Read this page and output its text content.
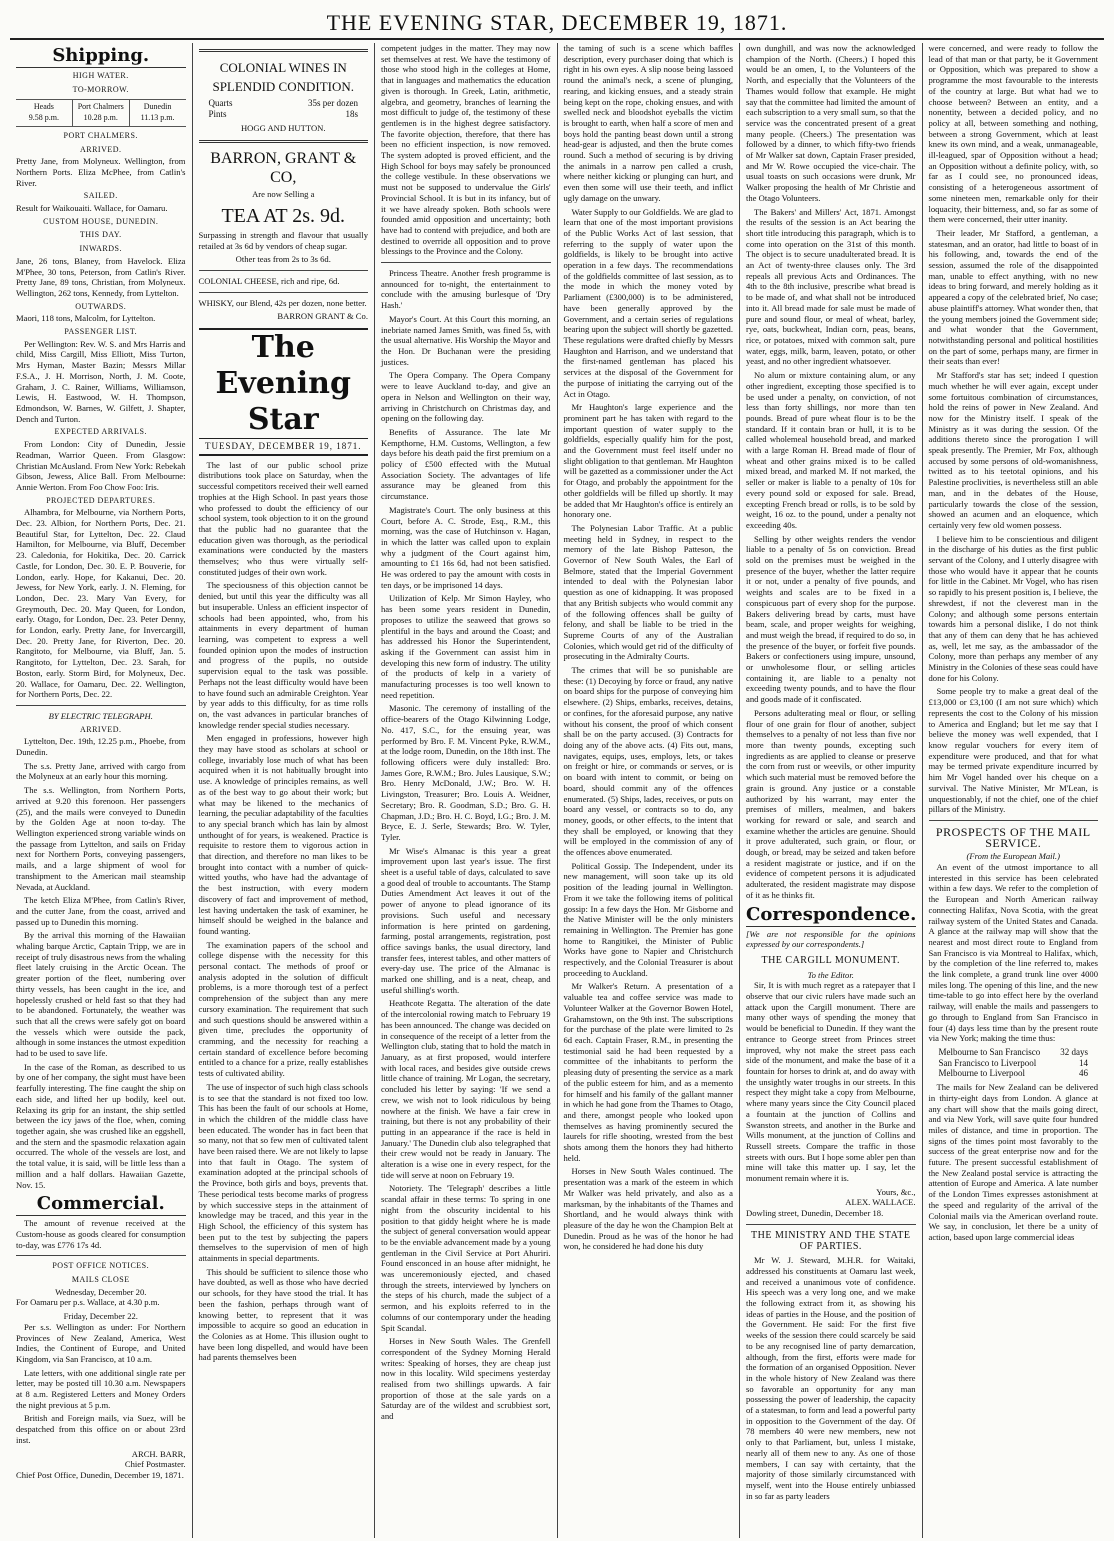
THE EVENING STAR, DECEMBER 19, 1871.
Shipping.
HIGH WATER.
TO-MORROW.
Heads
9.58 p.m.
Port Chalmers
10.28 p.m.
Dunedin
11.13 p.m.
PORT CHALMERS.
ARRIVED.

Pretty Jane, from Molyneux. Wellington, from Northern Ports. Eliza McPhee, from Catlin's River.

SAILED.

Result for Waikouaiti. Wallace, for Oamaru.

CUSTOM HOUSE, DUNEDIN.
THIS DAY.
INWARDS.

Jane, 26 tons, Blaney, from Havelock. Eliza M'Phee, 30 tons, Peterson, from Catlin's River. Pretty Jane, 89 tons, Christian, from Molyneux. Wellington, 262 tons, Kennedy, from Lyttelton.

OUTWARDS.

Maori, 118 tons, Malcolm, for Lyttelton.

PASSENGER LIST.

Per Wellington: Rev. W. S. and Mrs Harris and child, Miss Cargill, Miss Elliott, Miss Turton, Mrs Hyman, Master Bazin; Messrs Millar F.S.A., J. H. Morrison, North, J. M. Coote, Graham, J. C. Rainer, Williams, Williamson, Lewis, H. Eastwood, W. H. Thompson, Edmondson, W. Barnes, W. Gilfett, J. Shapter, Dench and Turton.

EXPECTED ARRIVALS.

From London: City of Dunedin, Jessie Readman, Warrior Queen. From Glasgow: Christian McAusland. From New York: Rebekah Gibson, Jewess, Alice Ball. From Melbourne: Annie Werton. From Foo Chow Foo: Iris.

PROJECTED DEPARTURES.

Alhambra, for Melbourne, via Northern Ports, Dec. 23. Albion, for Northern Ports, Dec. 21. Beautiful Star, for Lyttelton, Dec. 22. Claud Hamilton, for Melbourne, via Bluff, December 23. Caledonia, for Hokitika, Dec. 20. Carrick Castle, for London, Dec. 30. E. P. Bouverie, for London, early. Hope, for Kakanui, Dec. 20. Jewess, for New York, early. J. N. Fleming, for London, Dec. 23. Mary Van Every, for Greymouth, Dec. 20. May Queen, for London, early. Otago, for London, Dec. 23. Peter Denny, for London, early. Pretty Jane, for Invercargill, Dec. 20. Pretty Jane, for Riverton, Dec. 20. Rangitoto, for Melbourne, via Bluff, Jan. 5. Rangitoto, for Lyttelton, Dec. 23. Sarah, for Boston, early. Storm Bird, for Molyneux, Dec. 20. Wallace, for Oamaru, Dec. 22. Wellington, for Northern Ports, Dec. 22.

BY ELECTRIC TELEGRAPH.
ARRIVED.

Lyttelton, Dec. 19th, 12.25 p.m., Phoebe, from Dunedin.

The s.s. Pretty Jane, arrived with cargo from the Molyneux at an early hour this morning.

The s.s. Wellington, from Northern Ports, arrived at 9.20 this forenoon. Her passengers (25), and the mails were conveyed to Dunedin by the Golden Age at noon to-day. The Wellington experienced strong variable winds on the passage from Lyttelton, and sails on Friday next for Northern Ports, conveying passengers, mails, and a large shipment of wool for transhipment to the American mail steamship Nevada, at Auckland.

The ketch Eliza M'Phee, from Catlin's River, and the cutter Jane, from the coast, arrived and passed up to Dunedin this morning.

By the arrival this morning of the Hawaiian whaling barque Arctic, Captain Tripp, we are in receipt of truly disastrous news from the whaling fleet lately cruising in the Arctic Ocean. The greater portion of the fleet, numbering over thirty vessels, has been caught in the ice, and hopelessly crushed or held fast so that they had to be abandoned. Fortunately, the weather was such that all the crews were safely got on board the vessels which were outside the pack, although in some instances the utmost expedition had to be used to save life.

In the case of the Roman, as described to us by one of her company, the sight must have been fearfully interesting. The fine caught the ship on each side, and lifted her up bodily, keel out. Relaxing its grip for an instant, the ship settled between the icy jaws of the floe, when, coming together again, she was crushed like an eggshell, and the stern and the spasmodic relaxation again occurred. The whole of the vessels are lost, and the total value, it is said, will be little less than a million and a half dollars. Hawaiian Gazette, Nov. 15.

Commercial.

The amount of revenue received at the Custom-house as goods cleared for consumption to-day, was £776 17s 4d.

POST OFFICE NOTICES.
MAILS CLOSE
Wednesday, December 20.

For Oamaru per p.s. Wallace, at 4.30 p.m.

Friday, December 22.

Per s.s. Wellington as under: For Northern Provinces of New Zealand, America, West Indies, the Continent of Europe, and United Kingdom, via San Francisco, at 10 a.m.

Late letters, with one additional single rate per letter, may be posted till 10.30 a.m. Newspapers at 8 a.m. Registered Letters and Money Orders the night previous at 5 p.m.

British and Foreign mails, via Suez, will be despatched from this office on or about 23rd inst.

ARCH. BARR,
Chief Postmaster.

Chief Post Office, Dunedin, December 19, 1871.

COLONIAL WINES IN SPLENDID CONDITION.
Quarts	35s per dozen
Pints	18s
HOGG AND HUTTON.
BARRON, GRANT & CO,
Are now Selling a
TEA AT 2s. 9d.

Surpassing in strength and flavour that usually retailed at 3s 6d by vendors of cheap sugar.

Other teas from 2s to 3s 6d.

COLONIAL CHEESE, rich and ripe, 6d.

WHISKY, our Blend, 42s per dozen, none better.

BARRON GRANT & Co.
The Evening Star
TUESDAY, DECEMBER 19, 1871.

The last of our public school prize distributions took place on Saturday, when the successful competitors received their well earned trophies at the High School. In past years those who professed to doubt the efficiency of our school system, took objection to it on the ground that the public had no guarantee that the education given was thorough, as the periodical examinations were conducted by the masters themselves; who thus were virtually self-constituted judges of their own work.

The speciousness of this objection cannot be denied, but until this year the difficulty was all but insuperable. Unless an efficient inspector of schools had been appointed, who, from his attainments in every department of human learning, was competent to express a well founded opinion upon the modes of instruction and progress of the pupils, no outside supervision equal to the task was possible. Perhaps not the least difficulty would have been to have found such an admirable Creighton. Year by year adds to this difficulty, for as time rolls on, the vast advances in particular branches of knowledge render special studies necessary.

Men engaged in professions, however high they may have stood as scholars at school or college, invariably lose much of what has been acquired when it is not habitually brought into use. A knowledge of principles remains, as well as of the best way to go about their work; but what may be likened to the mechanics of learning, the peculiar adaptability of the faculties to any special branch which has lain by almost unthought of for years, is weakened. Practice is requisite to restore them to vigorous action in that direction, and therefore no man likes to be brought into contact with a number of quick-witted youths, who have had the advantage of the best instruction, with every modern discovery of fact and improvement of method, lest having undertaken the task of examiner, he himself should be weighed in the balance and found wanting.

The examination papers of the school and college dispense with the necessity for this personal contact. The methods of proof or analysis adopted in the solution of difficult problems, is a more thorough test of a perfect comprehension of the subject than any mere cursory examination. The requirement that such and such questions should be answered within a given time, precludes the opportunity of cramming, and the necessity for reaching a certain standard of excellence before becoming entitled to a chance for a prize, really establishes tests of cultivated ability.

The use of inspector of such high class schools is to see that the standard is not fixed too low. This has been the fault of our schools at Home, in which the children of the middle class have been educated. The wonder has in fact been that so many, not that so few men of cultivated talent have been raised there. We are not likely to lapse into that fault in Otago. The system of examination adopted at the principal schools of the Province, both girls and boys, prevents that. These periodical tests become marks of progress by which successive steps in the attainment of knowledge may be traced, and this year in the High School, the efficiency of this system has been put to the test by subjecting the papers themselves to the supervision of men of high attainments in special departments.

This should be sufficient to silence those who have doubted, as well as those who have decried our schools, for they have stood the trial. It has been the fashion, perhaps through want of knowing better, to represent that it was impossible to acquire so good an education in the Colonies as at Home. This illusion ought to have been long dispelled, and would have been had parents themselves been

competent judges in the matter. They may now set themselves at rest. We have the testimony of those who stood high in the colleges at Home, that in languages and mathematics the education given is thorough. In Greek, Latin, arithmetic, algebra, and geometry, branches of learning the most difficult to judge of, the testimony of these gentlemen is in the highest degree satisfactory. The favorite objection, therefore, that there has been no efficient inspection, is now removed. The system adopted is proved efficient, and the High School for boys may safely be pronounced the college vestibule. In these observations we must not be supposed to undervalue the Girls' Provincial School. It is but in its infancy, but of it we have already spoken. Both schools were founded amid opposition and uncertainty; both have had to contend with prejudice, and both are destined to override all opposition and to prove blessings to the Province and the Colony.

Princess Theatre. Another fresh programme is announced for to-night, the entertainment to conclude with the amusing burlesque of 'Dry Hash.'

Mayor's Court. At this Court this morning, an inebriate named James Smith, was fined 5s, with the usual alternative. His Worship the Mayor and the Hon. Dr Buchanan were the presiding justices.

The Opera Company. The Opera Company were to leave Auckland to-day, and give an opera in Nelson and Wellington on their way, arriving in Christchurch on Christmas day, and opening on the following day.

Benefits of Assurance. The late Mr Kempthorne, H.M. Customs, Wellington, a few days before his death paid the first premium on a policy of £500 effected with the Mutual Association Society. The advantages of life assurance may be gleaned from this circumstance.

Magistrate's Court. The only business at this Court, before A. C. Strode, Esq., R.M., this morning, was the case of Hutchinson v. Hagan, in which the latter was called upon to explain why a judgment of the Court against him, amounting to £1 16s 6d, had not been satisfied. He was ordered to pay the amount with costs in ten days, or be imprisoned 14 days.

Utilization of Kelp. Mr Simon Hayley, who has been some years resident in Dunedin, proposes to utilize the seaweed that grows so plentiful in the bays and around the Coast; and has addressed his Honor the Superintendent, asking if the Government can assist him in developing this new form of industry. The utility of the products of kelp in a variety of manufacturing processes is too well known to need repetition.

Masonic. The ceremony of installing of the office-bearers of the Otago Kilwinning Lodge, No. 417, S.C., for the ensuing year, was performed by Bro. F. M. Vincent Pyke, R.W.M., at the lodge room, Dunedin, on the 18th inst. The following officers were duly installed: Bro. James Gore, R.W.M.; Bro. Jules Lausique, S.W.; Bro. Henry McDonald, J.W.; Bro. W. H. Livingston, Treasurer; Bro. Louis A. Weidner, Secretary; Bro. R. Goodman, S.D.; Bro. G. H. Chapman, J.D.; Bro. H. C. Boyd, I.G.; Bro. J. M. Bryce, E. J. Serle, Stewards; Bro. W. Tyler, Tyler.

Mr Wise's Almanac is this year a great improvement upon last year's issue. The first sheet is a useful table of days, calculated to save a good deal of trouble to accountants. The Stamp Duties Amendment Act leaves it out of the power of anyone to plead ignorance of its provisions. Such useful and necessary information is here printed on gardening, farming, postal arrangements, registration, post office savings banks, the usual directory, land transfer fees, interest tables, and other matters of every-day use. The price of the Almanac is marked one shilling, and is a neat, cheap, and useful shilling's worth.

Heathcote Regatta. The alteration of the date of the intercolonial rowing match to February 19 has been announced. The change was decided on in consequence of the receipt of a letter from the Wellington club, stating that to hold the match in January, as at first proposed, would interfere with local races, and besides give outside crews little chance of training. Mr Logan, the secretary, concluded his letter by saying: 'If we send a crew, we wish not to look ridiculous by being nowhere at the finish. We have a fair crew in training, but there is not any probability of their putting in an appearance if the race is held in January.' The Dunedin club also telegraphed that their crew would not be ready in January. The alteration is a wise one in every respect, for the tide will serve at noon on February 19.

Notoriety. The 'Telegraph' describes a little scandal affair in these terms: To spring in one night from the obscurity incidental to his position to that giddy height where he is made the subject of general conversation would appear to be the enviable advancement made by a young gentleman in the Civil Service at Port Ahuriri. Found ensconced in an house after midnight, he was unceremoniously ejected, and chased through the streets, interviewed by lynchers on the steps of his church, made the subject of a sermon, and his exploits referred to in the columns of our contemporary under the heading Spit Scandal.

Horses in New South Wales. The Grenfell correspondent of the Sydney Morning Herald writes: Speaking of horses, they are cheap just now in this locality. Wild specimens yesterday realised from two shillings upwards. A fair proportion of those at the sale yards on a Saturday are of the wildest and scrubbiest sort, and

the taming of such is a scene which baffles description, every purchaser doing that which is right in his own eyes. A slip noose being lassoed round the animal's neck, a scene of plunging, rearing, and kicking ensues, and a steady strain being kept on the rope, choking ensues, and with swelled neck and bloodshot eyeballs the victim is brought to earth, when half a score of men and boys hold the panting beast down until a strong head-gear is adjusted, and then the brute comes round. Such a method of securing is by driving the animals in a narrow pen called a crush, where neither kicking or plunging can hurt, and even then some will use their teeth, and inflict ugly damage on the unwary.

Water Supply to our Goldfields. We are glad to learn that one of the most important provisions of the Public Works Act of last session, that referring to the supply of water upon the goldfields, is likely to be brought into active operation in a few days. The recommendations of the goldfields committee of last session, as to the mode in which the money voted by Parliament (£300,000) is to be administered, have been generally approved by the Government, and a certain series of regulations bearing upon the subject will shortly be gazetted. These regulations were drafted chiefly by Messrs Haughton and Harrison, and we understand that the first-named gentleman has placed his services at the disposal of the Government for the purpose of initiating the carrying out of the Act in Otago.

Mr Haughton's large experience and the prominent part he has taken with regard to the important question of water supply to the goldfields, especially qualify him for the post, and the Government must feel itself under no slight obligation to that gentleman. Mr Haughton will be gazetted as a commissioner under the Act for Otago, and probably the appointment for the other goldfields will be filled up shortly. It may be added that Mr Haughton's office is entirely an honorary one.

The Polynesian Labor Traffic. At a public meeting held in Sydney, in respect to the memory of the late Bishop Patteson, the Governor of New South Wales, the Earl of Belmore, stated that the Imperial Government intended to deal with the Polynesian labor question as one of kidnapping. It was proposed that any British subjects who would commit any of the following offences shall be guilty of felony, and shall be liable to be tried in the Supreme Courts of any of the Australian Colonies, which would get rid of the difficulty of prosecuting in the Admiralty Courts.

The crimes that will be so punishable are these: (1) Decoying by force or fraud, any native on board ships for the purpose of conveying him elsewhere. (2) Ships, embarks, receives, detains, or confines, for the aforesaid purpose, any native without his consent, the proof of which consent shall be on the party accused. (3) Contracts for doing any of the above acts. (4) Fits out, mans, navigates, equips, uses, employs, lets, or takes on freight or hire, or commands or serves, or is on board with intent to commit, or being on board, should commit any of the offences enumerated. (5) Ships, lades, receives, or puts on board any vessel, or contracts so to do, any money, goods, or other effects, to the intent that they shall be employed, or knowing that they will be employed in the commission of any of the offences above enumerated.

Political Gossip. The Independent, under its new management, will soon take up its old position of the leading journal in Wellington. From it we take the following items of political gossip: In a few days the Hon. Mr Gisborne and the Native Minister will be the only ministers remaining in Wellington. The Premier has gone home to Rangitikei, the Minister of Public Works have gone to Napier and Christchurch respectively, and the Colonial Treasurer is about proceeding to Auckland.

Mr Walker's Return. A presentation of a valuable tea and coffee service was made to Volunteer Walker at the Governor Bowen Hotel, Grahamstown, on the 9th inst. The subscriptions for the purchase of the plate were limited to 2s 6d each. Captain Fraser, R.M., in presenting the testimonial said he had been requested by a committee of the inhabitants to perform the pleasing duty of presenting the service as a mark of the public esteem for him, and as a memento for himself and his family of the gallant manner in which he had gone from the Thames to Otago, and there, amongst people who looked upon themselves as having prominently secured the laurels for rifle shooting, wrested from the best shots among them the honors they had hitherto held.

Horses in New South Wales continued. The presentation was a mark of the esteem in which Mr Walker was held privately, and also as a marksman, by the inhabitants of the Thames and Shortland, and he would always think with pleasure of the day he won the Champion Belt at Dunedin. Proud as he was of the honor he had won, he considered he had done his duty

own dunghill, and was now the acknowledged champion of the North. (Cheers.) I hoped this would be an omen, I, to the Volunteers of the North, and especially that the Volunteers of the Thames would follow that example. He might say that the committee had limited the amount of each subscription to a very small sum, so that the service was the concentrated present of a great many people. (Cheers.) The presentation was followed by a dinner, to which fifty-two friends of Mr Walker sat down, Captain Fraser presided, and Mr W. Rowe occupied the vice-chair. The usual toasts on such occasions were drunk, Mr Walker proposing the health of Mr Christie and the Otago Volunteers.

The Bakers' and Millers' Act, 1871. Amongst the results of the session is an Act bearing the short title introducing this paragraph, which is to come into operation on the 31st of this month. The object is to secure unadulterated bread. It is an Act of twenty-three clauses only. The 3rd repeals all previous Acts and Ordinances. The 4th to the 8th inclusive, prescribe what bread is to be made of, and what shall not be introduced into it. All bread made for sale must be made of pure and sound flour, or meal of wheat, barley, rye, oats, buckwheat, Indian corn, peas, beans, rice, or potatoes, mixed with common salt, pure water, eggs, milk, barm, leaven, potato, or other yeast, and no other ingredient whatsoever.

No alum or mixture containing alum, or any other ingredient, excepting those specified is to be used under a penalty, on conviction, of not less than forty shillings, nor more than ten pounds. Bread of pure wheat flour is to be the standard. If it contain bran or hull, it is to be called wholemeal household bread, and marked with a large Roman H. Bread made of flour of wheat and other grains mixed is to be called mixed bread, and marked M. If not marked, the seller or maker is liable to a penalty of 10s for every pound sold or exposed for sale. Bread, excepting French bread or rolls, is to be sold by weight, 16 oz. to the pound, under a penalty not exceeding 40s.

Selling by other weights renders the vendor liable to a penalty of 5s on conviction. Bread sold on the premises must be weighed in the presence of the buyer, whether the latter require it or not, under a penalty of five pounds, and weights and scales are to be fixed in a conspicuous part of every shop for the purpose. Bakers delivering bread by carts, must have beam, scale, and proper weights for weighing, and must weigh the bread, if required to do so, in the presence of the buyer, or forfeit five pounds. Bakers or confectioners using impure, unsound, or unwholesome flour, or selling articles containing it, are liable to a penalty not exceeding twenty pounds, and to have the flour and goods made of it confiscated.

Persons adulterating meal or flour, or selling flour of one grain for flour of another, subject themselves to a penalty of not less than five nor more than twenty pounds, excepting such ingredients as are applied to cleanse or preserve the corn from rust or weevils, or other impurity which such material must be removed before the grain is ground. Any justice or a constable authorized by his warrant, may enter the premises of millers, mealmen, and bakers working for reward or sale, and search and examine whether the articles are genuine. Should it prove adulterated, such grain, or flour, or dough, or bread, may be seized and taken before a resident magistrate or justice, and if on the evidence of competent persons it is adjudicated adulterated, the resident magistrate may dispose of it as he thinks fit.

Correspondence.

[We are not responsible for the opinions expressed by our correspondents.]

THE CARGILL MONUMENT.
To the Editor.

Sir, It is with much regret as a ratepayer that I observe that our civic rulers have made such an attack upon the Cargill monument. There are many other ways of spending the money that would be beneficial to Dunedin. If they want the entrance to George street from Princes street improved, why not make the street pass each side of the monument, and make the base of it a fountain for horses to drink at, and do away with the unsightly water troughs in our streets. In this respect they might take a copy from Melbourne, where many years since the City Council placed a fountain at the junction of Collins and Swanston streets, and another in the Burke and Wills monument, at the junction of Collins and Russell streets. Compare the traffic in those streets with ours. But I hope some abler pen than mine will take this matter up. I say, let the monument remain where it is.

Yours, &c.,
ALEX. WALLACE.

Dowling street, Dunedin, December 18.

THE MINISTRY AND THE STATE OF PARTIES.

Mr W. J. Steward, M.H.R. for Waitaki, addressed his constituents at Oamaru last week, and received a unanimous vote of confidence. His speech was a very long one, and we make the following extract from it, as showing his ideas of parties in the House, and the position of the Government. He said: For the first five weeks of the session there could scarcely be said to be any recognised line of party demarcation, although, from the first, efforts were made for the formation of an organised Opposition. Never in the whole history of New Zealand was there so favorable an opportunity for any man possessing the power of leadership, the capacity of a statesman, to form and lead a powerful party in opposition to the Government of the day. Of 78 members 40 were new members, new not only to that Parliament, but, unless I mistake, nearly all of them new to any. As one of those members, I can say with certainty, that the majority of those similarly circumstanced with myself, went into the House entirely unbiassed in so far as party leaders

were concerned, and were ready to follow the lead of that man or that party, be it Government or Opposition, which was prepared to show a programme the most favourable to the interests of the country at large. But what had we to choose between? Between an entity, and a nonentity, between a decided policy, and no policy at all, between something and nothing, between a strong Government, which at least knew its own mind, and a weak, unmanageable, ill-leagued, spar of Opposition without a head; an Opposition without a definite policy, with, so far as I could see, no pronounced ideas, consisting of a heterogeneous assortment of some nineteen men, remarkable only for their loquacity, their bitterness, and, so far as some of them were concerned, their utter inanity.

Their leader, Mr Stafford, a gentleman, a statesman, and an orator, had little to boast of in his following, and, towards the end of the session, assumed the role of the disappointed man, unable to effect anything, with no new ideas to bring forward, and merely holding as it appeared a copy of the celebrated brief, No case; abuse plaintiff's attorney. What wonder then, that the young members joined the Government side; and what wonder that the Government, notwithstanding personal and political hostilities on the part of some, perhaps many, are firmer in their seats than ever!

Mr Stafford's star has set; indeed I question much whether he will ever again, except under some fortuitous combination of circumstances, hold the reins of power in New Zealand. And now for the Ministry itself. I speak of the Ministry as it was during the session. Of the additions thereto since the prorogation I will speak presently. The Premier, Mr Fox, although accused by some persons of old-womanishness, twitted as to his teetotal opinions, and his Palestine proclivities, is nevertheless still an able man, and in the debates of the House, particularly towards the close of the session, showed an acumen and an eloquence, which certainly very few old women possess.

I believe him to be conscientious and diligent in the discharge of his duties as the first public servant of the Colony, and I utterly disagree with those who would have it appear that he counts for little in the Cabinet. Mr Vogel, who has risen so rapidly to his present position is, I believe, the shrewdest, if not the cleverest man in the Colony; and although some persons entertain towards him a personal dislike, I do not think that any of them can deny that he has achieved as, well, let me say, as the ambassador of the Colony, more than perhaps any member of any Ministry in the Colonies of these seas could have done for his Colony.

Some people try to make a great deal of the £13,000 or £3,100 (I am not sure which) which represents the cost to the Colony of his mission to America and England; but let me say that I believe the money was well expended, that I know regular vouchers for every item of expenditure were produced, and that for what may be termed private expenditure incurred by him Mr Vogel handed over his cheque on a survival. The Native Minister, Mr M'Lean, is unquestionably, if not the chief, one of the chief pillars of the Ministry.

PROSPECTS OF THE MAIL SERVICE.
(From the European Mail.)

An event of the utmost importance to all interested in this service has been celebrated within a few days. We refer to the completion of the European and North American railway connecting Halifax, Nova Scotia, with the great railway system of the United States and Canada. A glance at the railway map will show that the nearest and most direct route to England from San Francisco is via Montreal to Halifax, which, by the completion of the line referred to, makes the link complete, a grand trunk line over 4000 miles long. The opening of this line, and the new time-table to go into effect here by the overland railway, will enable the mails and passengers to go through to England from San Francisco in four (4) days less time than by the present route via New York; making the time thus:

Melbourne to San Francisco 32 days
San Francisco to Liverpool	14
Melbourne to Liverpool	46

The mails for New Zealand can be delivered in thirty-eight days from London. A glance at any chart will show that the mails going direct, and via New York, will save quite four hundred miles of distance, and time in proportion. The signs of the times point most favorably to the success of the great enterprise now and for the future. The present successful establishment of the New Zealand postal service is attracting the attention of Europe and America. A late number of the London Times expresses astonishment at the speed and regularity of the arrival of the Colonial mails via the American overland route. We say, in conclusion, let there be a unity of action, based upon large commercial ideas
